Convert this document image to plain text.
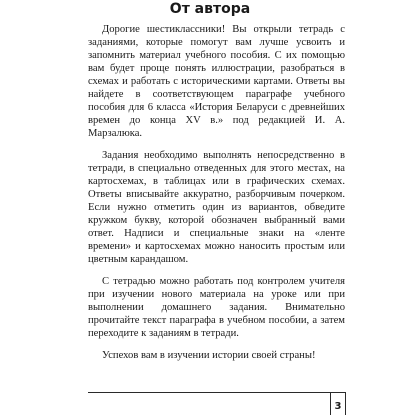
От автора

Дорогие шестиклассники! Вы открыли тетрадь с заданиями, которые помогут вам лучше усвоить и запомнить материал учебного пособия. С их помощью вам будет проще понять иллюстрации, разобраться в схемах и работать с историческими картами. Ответы вы найдете в соответствующем параграфе учебного пособия для 6 класса «История Беларуси с древнейших времен до конца XV в.» под редакцией И. А. Марзалюка.

Задания необходимо выполнять непосредственно в тетради, в специально отведенных для этого местах, на картосхемах, в таблицах или в графических схемах. Ответы вписывайте аккуратно, разборчивым почерком. Если нужно отметить один из вариантов, обведите кружком букву, которой обозначен выбранный вами ответ. Надписи и специальные знаки на «ленте времени» и картосхемах можно наносить простым или цветным карандашом.

С тетрадью можно работать под контролем учителя при изучении нового материала на уроке или при выполнении домашнего задания. Внимательно прочитайте текст параграфа в учебном пособии, а затем переходите к заданиям в тетради.

Успехов вам в изучении истории своей страны!

3
